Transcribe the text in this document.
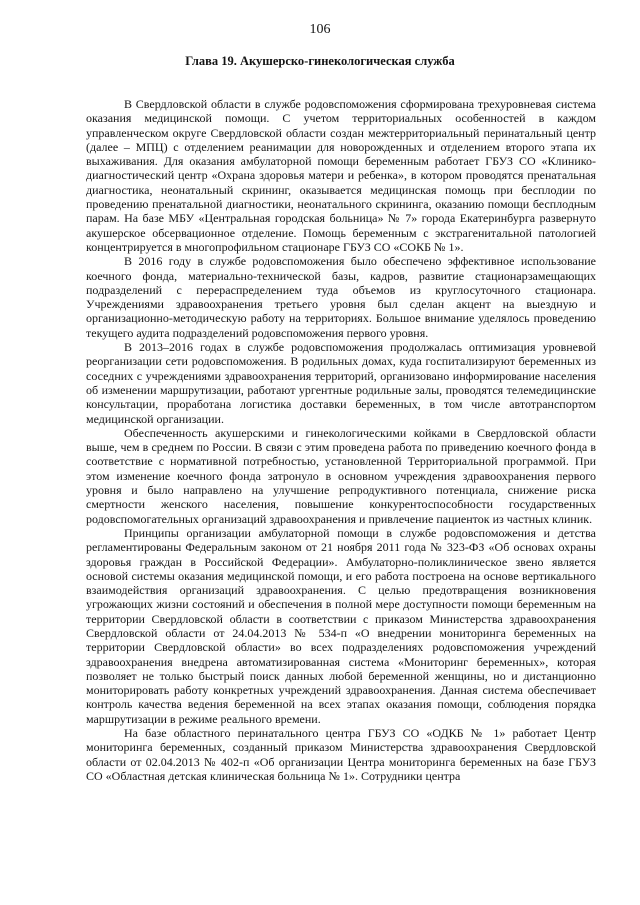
106
Глава 19. Акушерско-гинекологическая служба

В Свердловской области в службе родовспоможения сформирована трехуровневая система оказания медицинской помощи. С учетом территориальных особенностей в каждом управленческом округе Свердловской области создан межтерриториальный перинатальный центр (далее – МПЦ) с отделением реанимации для новорожденных и отделением второго этапа их выхаживания. Для оказания амбулаторной помощи беременным работает ГБУЗ СО «Клинико-диагностический центр «Охрана здоровья матери и ребенка», в котором проводятся пренатальная диагностика, неонатальный скрининг, оказывается медицинская помощь при бесплодии по проведению пренатальной диагностики, неонатального скрининга, оказанию помощи бесплодным парам. На базе МБУ «Центральная городская больница» № 7» города Екатеринбурга развернуто акушерское обсервационное отделение. Помощь беременным с экстрагенитальной патологией концентрируется в многопрофильном стационаре ГБУЗ СО «СОКБ № 1».

В 2016 году в службе родовспоможения было обеспечено эффективное использование коечного фонда, материально-технической базы, кадров, развитие стационарзамещающих подразделений с перераспределением туда объемов из круглосуточного стационара. Учреждениями здравоохранения третьего уровня был сделан акцент на выездную и организационно-методическую работу на территориях. Большое внимание уделялось проведению текущего аудита подразделений родовспоможения первого уровня.

В 2013–2016 годах в службе родовспоможения продолжалась оптимизация уровневой реорганизации сети родовспоможения. В родильных домах, куда госпитализируют беременных из соседних с учреждениями здравоохранения территорий, организовано информирование населения об изменении маршрутизации, работают ургентные родильные залы, проводятся телемедицинские консультации, проработана логистика доставки беременных, в том числе автотранспортом медицинской организации.

Обеспеченность акушерскими и гинекологическими койками в Свердловской области выше, чем в среднем по России. В связи с этим проведена работа по приведению коечного фонда в соответствие с нормативной потребностью, установленной Территориальной программой. При этом изменение коечного фонда затронуло в основном учреждения здравоохранения первого уровня и было направлено на улучшение репродуктивного потенциала, снижение риска смертности женского населения, повышение конкурентоспособности государственных родовспомогательных организаций здравоохранения и привлечение пациенток из частных клиник.

Принципы организации амбулаторной помощи в службе родовспоможения и детства регламентированы Федеральным законом от 21 ноября 2011 года № 323-ФЗ «Об основах охраны здоровья граждан в Российской Федерации». Амбулаторно-поликлиническое звено является основой системы оказания медицинской помощи, и его работа построена на основе вертикального взаимодействия организаций здравоохранения. С целью предотвращения возникновения угрожающих жизни состояний и обеспечения в полной мере доступности помощи беременным на территории Свердловской области в соответствии с приказом Министерства здравоохранения Свердловской области от 24.04.2013 № 534-п «О внедрении мониторинга беременных на территории Свердловской области» во всех подразделениях родовспоможения учреждений здравоохранения внедрена автоматизированная система «Мониторинг беременных», которая позволяет не только быстрый поиск данных любой беременной женщины, но и дистанционно мониторировать работу конкретных учреждений здравоохранения. Данная система обеспечивает контроль качества ведения беременной на всех этапах оказания помощи, соблюдения порядка маршрутизации в режиме реального времени.

На базе областного перинатального центра ГБУЗ СО «ОДКБ № 1» работает Центр мониторинга беременных, созданный приказом Министерства здравоохранения Свердловской области от 02.04.2013 № 402-п «Об организации Центра мониторинга беременных на базе ГБУЗ СО «Областная детская клиническая больница № 1». Сотрудники центра
